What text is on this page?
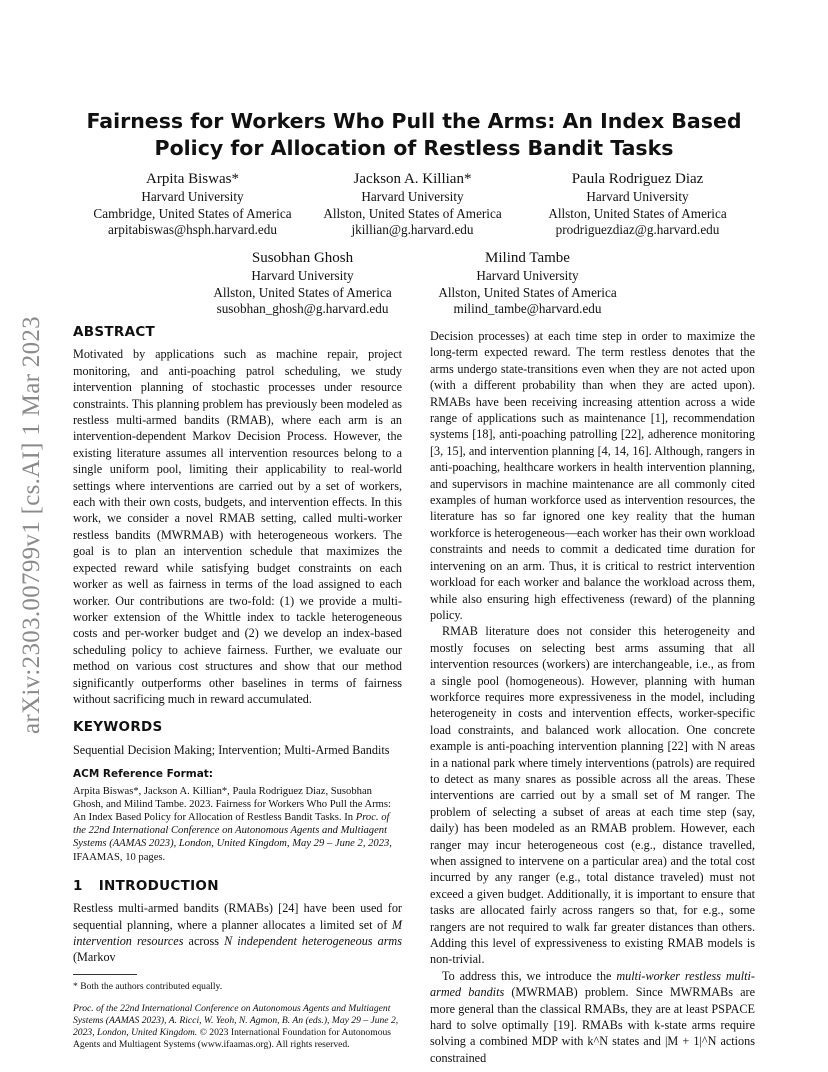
arXiv:2303.00799v1 [cs.AI] 1 Mar 2023
Fairness for Workers Who Pull the Arms: An Index Based Policy for Allocation of Restless Bandit Tasks
Arpita Biswas*
Harvard University
Cambridge, United States of America
arpitabiswas@hsph.harvard.edu
Jackson A. Killian*
Harvard University
Allston, United States of America
jkillian@g.harvard.edu
Paula Rodriguez Diaz
Harvard University
Allston, United States of America
prodriguezdiaz@g.harvard.edu
Susobhan Ghosh
Harvard University
Allston, United States of America
susobhan_ghosh@g.harvard.edu
Milind Tambe
Harvard University
Allston, United States of America
milind_tambe@harvard.edu
ABSTRACT

Motivated by applications such as machine repair, project monitoring, and anti-poaching patrol scheduling, we study intervention planning of stochastic processes under resource constraints. This planning problem has previously been modeled as restless multi-armed bandits (RMAB), where each arm is an intervention-dependent Markov Decision Process. However, the existing literature assumes all intervention resources belong to a single uniform pool, limiting their applicability to real-world settings where interventions are carried out by a set of workers, each with their own costs, budgets, and intervention effects. In this work, we consider a novel RMAB setting, called multi-worker restless bandits (MWRMAB) with heterogeneous workers. The goal is to plan an intervention schedule that maximizes the expected reward while satisfying budget constraints on each worker as well as fairness in terms of the load assigned to each worker. Our contributions are two-fold: (1) we provide a multi-worker extension of the Whittle index to tackle heterogeneous costs and per-worker budget and (2) we develop an index-based scheduling policy to achieve fairness. Further, we evaluate our method on various cost structures and show that our method significantly outperforms other baselines in terms of fairness without sacrificing much in reward accumulated.

KEYWORDS

Sequential Decision Making; Intervention; Multi-Armed Bandits

ACM Reference Format:
Arpita Biswas*, Jackson A. Killian*, Paula Rodriguez Diaz, Susobhan Ghosh, and Milind Tambe. 2023. Fairness for Workers Who Pull the Arms: An Index Based Policy for Allocation of Restless Bandit Tasks. In Proc. of the 22nd International Conference on Autonomous Agents and Multiagent Systems (AAMAS 2023), London, United Kingdom, May 29 – June 2, 2023, IFAAMAS, 10 pages.
1 INTRODUCTION

Restless multi-armed bandits (RMABs) [24] have been used for sequential planning, where a planner allocates a limited set of M intervention resources across N independent heterogeneous arms (Markov

* Both the authors contributed equally.
Proc. of the 22nd International Conference on Autonomous Agents and Multiagent Systems (AAMAS 2023), A. Ricci, W. Yeoh, N. Agmon, B. An (eds.), May 29 – June 2, 2023, London, United Kingdom. © 2023 International Foundation for Autonomous Agents and Multiagent Systems (www.ifaamas.org). All rights reserved.

Decision processes) at each time step in order to maximize the long-term expected reward. The term restless denotes that the arms undergo state-transitions even when they are not acted upon (with a different probability than when they are acted upon). RMABs have been receiving increasing attention across a wide range of applications such as maintenance [1], recommendation systems [18], anti-poaching patrolling [22], adherence monitoring [3, 15], and intervention planning [4, 14, 16]. Although, rangers in anti-poaching, healthcare workers in health intervention planning, and supervisors in machine maintenance are all commonly cited examples of human workforce used as intervention resources, the literature has so far ignored one key reality that the human workforce is heterogeneous—each worker has their own workload constraints and needs to commit a dedicated time duration for intervening on an arm. Thus, it is critical to restrict intervention workload for each worker and balance the workload across them, while also ensuring high effectiveness (reward) of the planning policy.

RMAB literature does not consider this heterogeneity and mostly focuses on selecting best arms assuming that all intervention resources (workers) are interchangeable, i.e., as from a single pool (homogeneous). However, planning with human workforce requires more expressiveness in the model, including heterogeneity in costs and intervention effects, worker-specific load constraints, and balanced work allocation. One concrete example is anti-poaching intervention planning [22] with N areas in a national park where timely interventions (patrols) are required to detect as many snares as possible across all the areas. These interventions are carried out by a small set of M ranger. The problem of selecting a subset of areas at each time step (say, daily) has been modeled as an RMAB problem. However, each ranger may incur heterogeneous cost (e.g., distance travelled, when assigned to intervene on a particular area) and the total cost incurred by any ranger (e.g., total distance traveled) must not exceed a given budget. Additionally, it is important to ensure that tasks are allocated fairly across rangers so that, for e.g., some rangers are not required to walk far greater distances than others. Adding this level of expressiveness to existing RMAB models is non-trivial.

To address this, we introduce the multi-worker restless multi-armed bandits (MWRMAB) problem. Since MWRMABs are more general than the classical RMABs, they are at least PSPACE hard to solve optimally [19]. RMABs with k-state arms require solving a combined MDP with k^N states and |M + 1|^N actions constrained
